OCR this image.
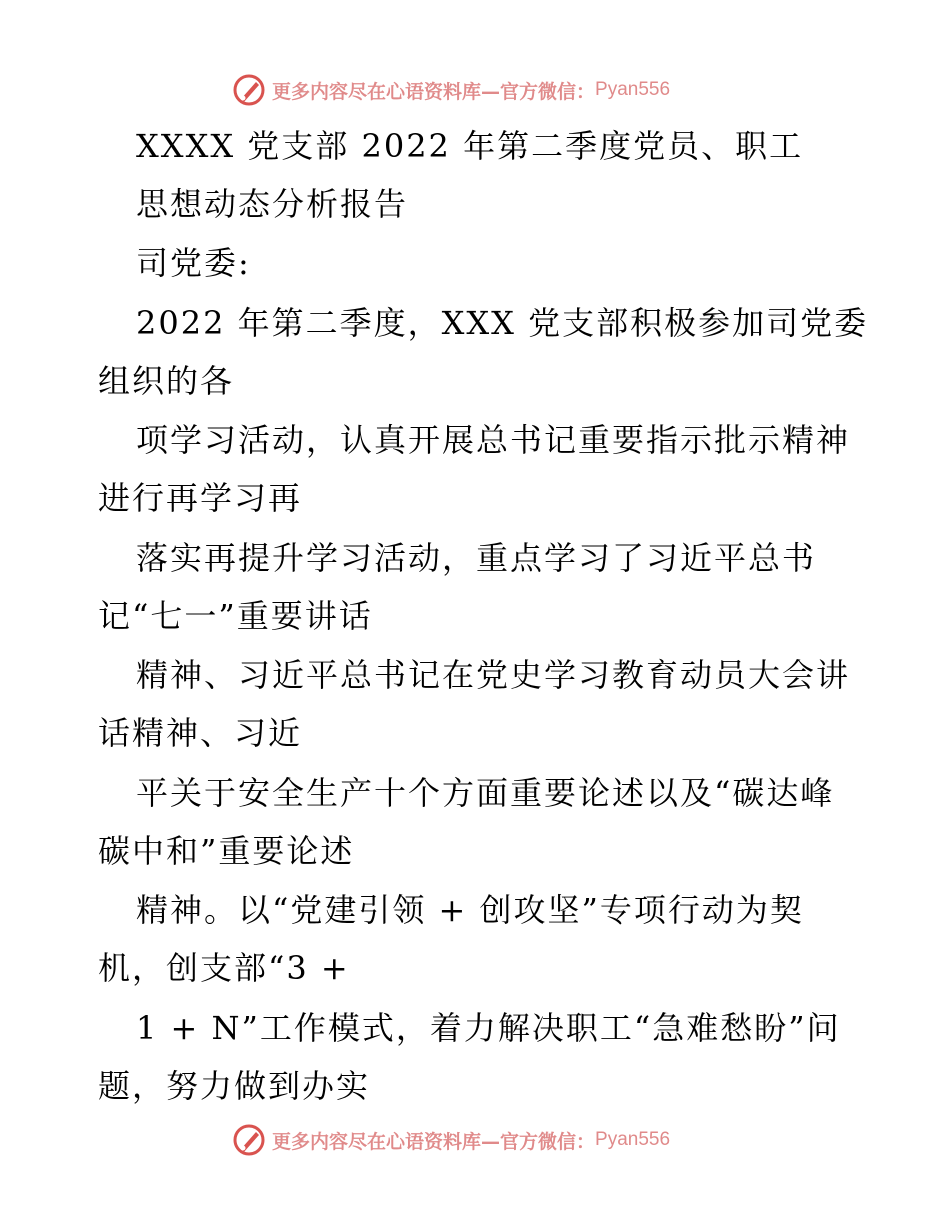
更多内容尽在心语资料库—官方微信： Pyan556
XXXX 党支部 2022 年第二季度党员、职工
思想动态分析报告
司党委:
2022 年第二季度，XXX 党支部积极参加司党委
组织的各
项学习活动，认真开展总书记重要指示批示精神
进行再学习再
落实再提升学习活动，重点学习了习近平总书
记“七一”重要讲话
精神、习近平总书记在党史学习教育动员大会讲
话精神、习近
平关于安全生产十个方面重要论述以及“碳达峰
碳中和”重要论述
精神。以“党建引领 + 创攻坚”专项行动为契
机，创支部“3 +
1 + N”工作模式，着力解决职工“急难愁盼”问
题，努力做到办实
更多内容尽在心语资料库—官方微信： Pyan556
